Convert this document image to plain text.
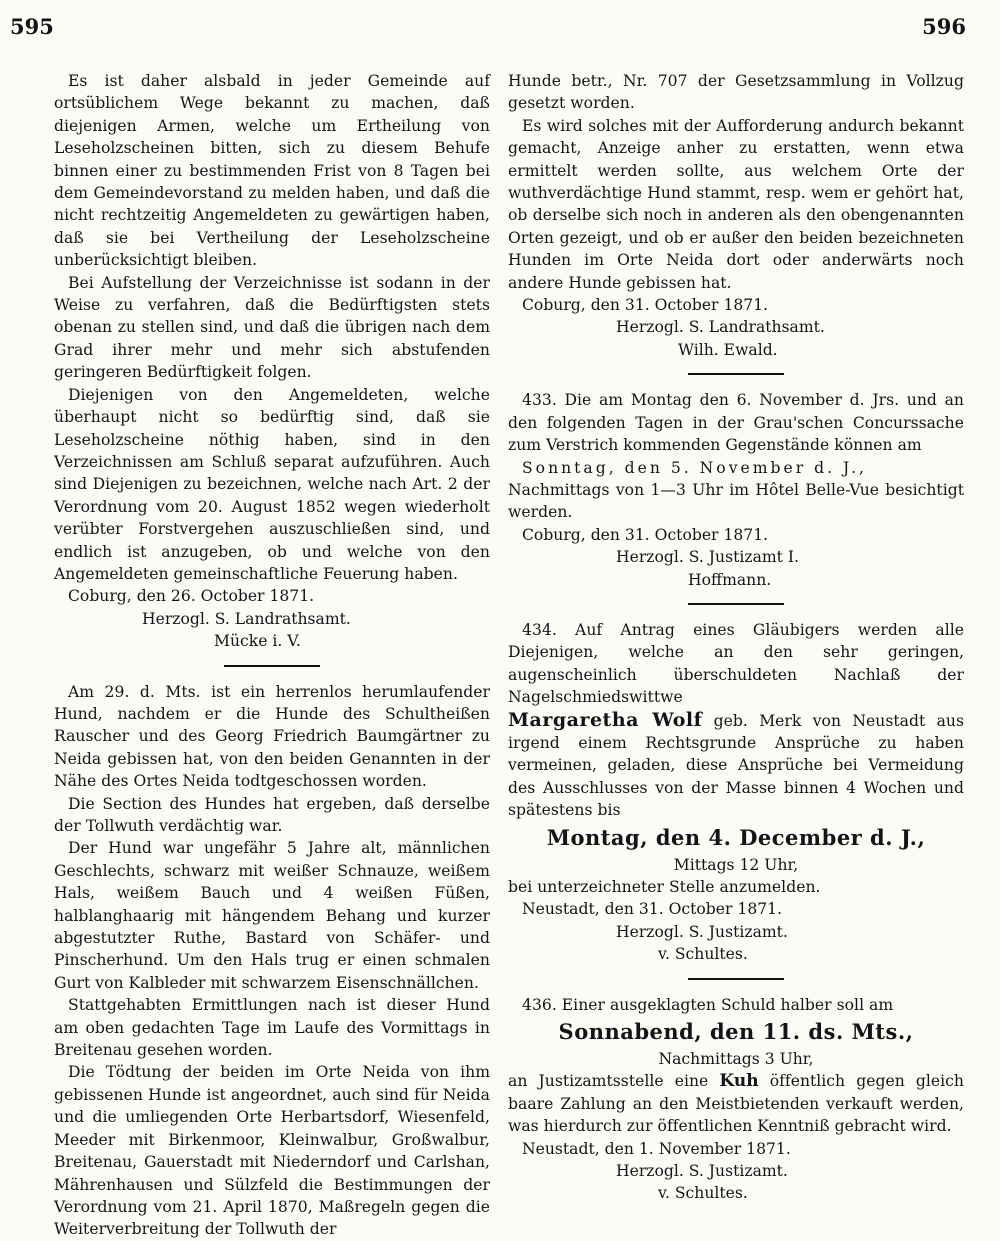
595	596

Es ist daher alsbald in jeder Gemeinde auf ortsüblichem Wege bekannt zu machen, daß diejenigen Armen, welche um Ertheilung von Leseholzscheinen bitten, sich zu diesem Behufe binnen einer zu bestimmenden Frist von 8 Tagen bei dem Gemeindevorstand zu melden haben, und daß die nicht rechtzeitig Angemeldeten zu gewärtigen haben, daß sie bei Vertheilung der Leseholzscheine unberücksichtigt bleiben.

Bei Aufstellung der Verzeichnisse ist sodann in der Weise zu verfahren, daß die Bedürftigsten stets obenan zu stellen sind, und daß die übrigen nach dem Grad ihrer mehr und mehr sich abstufenden geringeren Bedürftigkeit folgen.

Diejenigen von den Angemeldeten, welche überhaupt nicht so bedürftig sind, daß sie Leseholzscheine nöthig haben, sind in den Verzeichnissen am Schluß separat aufzuführen. Auch sind Diejenigen zu bezeichnen, welche nach Art. 2 der Verordnung vom 20. August 1852 wegen wiederholt verübter Forstvergehen auszuschließen sind, und endlich ist anzugeben, ob und welche von den Angemeldeten gemeinschaftliche Feuerung haben.

Coburg, den 26. October 1871.

Herzogl. S. Landrathsamt.

Mücke i. V.

Am 29. d. Mts. ist ein herrenlos herumlaufender Hund, nachdem er die Hunde des Schultheißen Rauscher und des Georg Friedrich Baumgärtner zu Neida gebissen hat, von den beiden Genannten in der Nähe des Ortes Neida todtgeschossen worden.

Die Section des Hundes hat ergeben, daß derselbe der Tollwuth verdächtig war.

Der Hund war ungefähr 5 Jahre alt, männlichen Geschlechts, schwarz mit weißer Schnauze, weißem Hals, weißem Bauch und 4 weißen Füßen, halblanghaarig mit hängendem Behang und kurzer abgestutzter Ruthe, Bastard von Schäfer- und Pinscherhund. Um den Hals trug er einen schmalen Gurt von Kalbleder mit schwarzem Eisenschnällchen.

Stattgehabten Ermittlungen nach ist dieser Hund am oben gedachten Tage im Laufe des Vormittags in Breitenau gesehen worden.

Die Tödtung der beiden im Orte Neida von ihm gebissenen Hunde ist angeordnet, auch sind für Neida und die umliegenden Orte Herbartsdorf, Wiesenfeld, Meeder mit Birkenmoor, Kleinwalbur, Großwalbur, Breitenau, Gauerstadt mit Niederndorf und Carlshan, Mährenhausen und Sülzfeld die Bestimmungen der Verordnung vom 21. April 1870, Maßregeln gegen die Weiterverbreitung der Tollwuth der

Hunde betr., Nr. 707 der Gesetzsammlung in Vollzug gesetzt worden.

Es wird solches mit der Aufforderung andurch bekannt gemacht, Anzeige anher zu erstatten, wenn etwa ermittelt werden sollte, aus welchem Orte der wuthverdächtige Hund stammt, resp. wem er gehört hat, ob derselbe sich noch in anderen als den obengenannten Orten gezeigt, und ob er außer den beiden bezeichneten Hunden im Orte Neida dort oder anderwärts noch andere Hunde gebissen hat.

Coburg, den 31. October 1871.

Herzogl. S. Landrathsamt.

Wilh. Ewald.

433. Die am Montag den 6. November d. Jrs. und an den folgenden Tagen in der Grau'schen Concurssache zum Verstrich kommenden Gegenstände können am

Sonntag, den 5. November d. J.,

Nachmittags von 1—3 Uhr im Hôtel Belle-Vue besichtigt werden.

Coburg, den 31. October 1871.

Herzogl. S. Justizamt I.

Hoffmann.

434. Auf Antrag eines Gläubigers werden alle Diejenigen, welche an den sehr geringen, augenscheinlich überschuldeten Nachlaß der Nagelschmiedswittwe

Margaretha Wolf geb. Merk von Neustadt aus irgend einem Rechtsgrunde Ansprüche zu haben vermeinen, geladen, diese Ansprüche bei Vermeidung des Ausschlusses von der Masse binnen 4 Wochen und spätestens bis

Montag, den 4. December d. J.,

Mittags 12 Uhr,

bei unterzeichneter Stelle anzumelden.

Neustadt, den 31. October 1871.

Herzogl. S. Justizamt.

v. Schultes.

436. Einer ausgeklagten Schuld halber soll am

Sonnabend, den 11. ds. Mts.,

Nachmittags 3 Uhr,

an Justizamtsstelle eine Kuh öffentlich gegen gleich baare Zahlung an den Meistbietenden verkauft werden, was hierdurch zur öffentlichen Kenntniß gebracht wird.

Neustadt, den 1. November 1871.

Herzogl. S. Justizamt.

v. Schultes.
